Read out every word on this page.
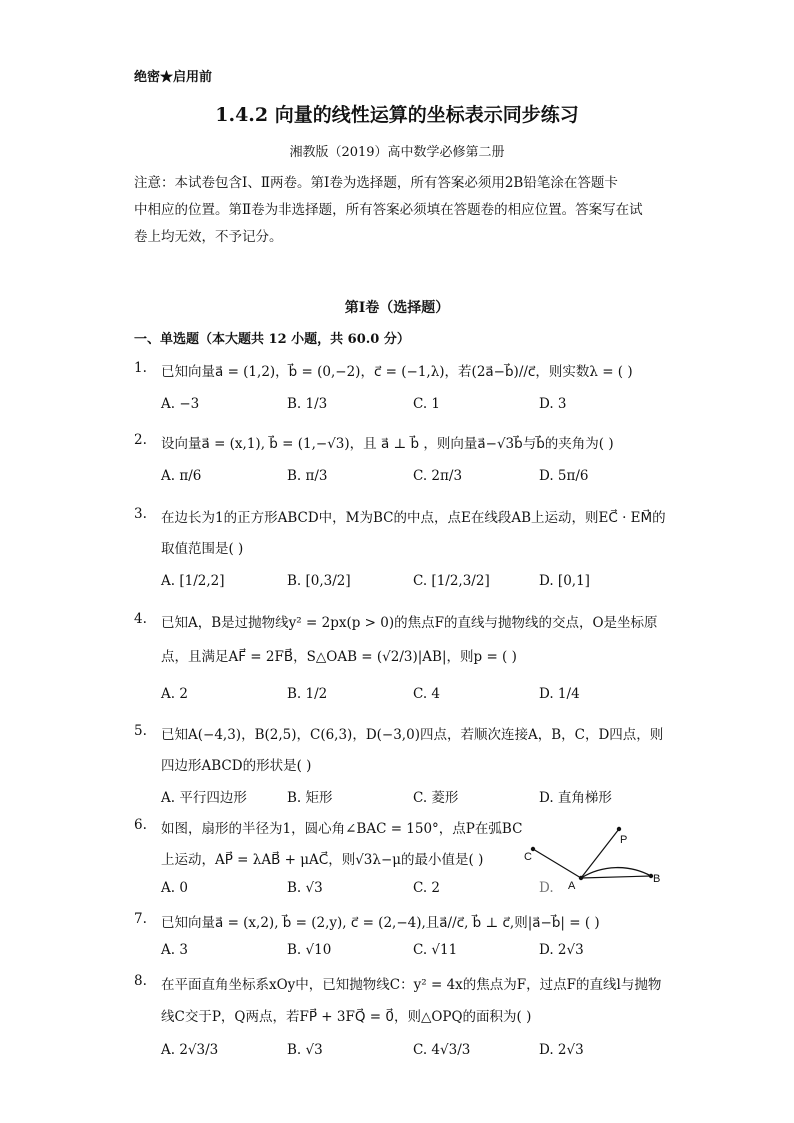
绝密★启用前
1.4.2 向量的线性运算的坐标表示同步练习
湘教版（2019）高中数学必修第二册
注意：本试卷包含Ⅰ、Ⅱ两卷。第Ⅰ卷为选择题，所有答案必须用2B铅笔涂在答题卡
中相应的位置。第Ⅱ卷为非选择题，所有答案必须填在答题卷的相应位置。答案写在试
卷上均无效，不予记分。
第Ⅰ卷（选择题）
一、单选题（本大题共 12 小题，共 60.0 分）
1. 已知向量a⃗ = (1,2)，b⃗ = (0,−2)，c⃗ = (−1,λ)，若(2a⃗−b⃗)//c⃗，则实数λ = ( )
A. −3	B. 1/3	C. 1	D. 3
2. 设向量a⃗ = (x,1), b⃗ = (1,−√3)，且 a⃗ ⊥ b⃗ ，则向量a⃗−√3b⃗与b⃗的夹角为( )
A. π/6	B. π/3	C. 2π/3	D. 5π/6
3. 在边长为1的正方形ABCD中，M为BC的中点，点E在线段AB上运动，则EC⃗ · EM⃗的
取值范围是( )
A. [1/2,2]	B. [0,3/2]	C. [1/2,3/2]	D. [0,1]
4. 已知A，B是过抛物线y² = 2px(p > 0)的焦点F的直线与抛物线的交点，O是坐标原
点，且满足AF⃗ = 2FB⃗，S△OAB = (√2/3)|AB|，则p = ( )
A. 2	B. 1/2	C. 4	D. 1/4
5. 已知A(−4,3)，B(2,5)，C(6,3)，D(−3,0)四点，若顺次连接A，B，C，D四点，则
四边形ABCD的形状是( )
A. 平行四边形	B. 矩形	C. 菱形	D. 直角梯形
6. 如图，扇形的半径为1，圆心角∠BAC = 150°，点P在弧BC
上运动，AP⃗ = λAB⃗ + μAC⃗，则√3λ−μ的最小值是( )
A. 0	B. √3	C. 2	D.
P
C
A
B
7. 已知向量a⃗ = (x,2), b⃗ = (2,y), c⃗ = (2,−4),且a⃗//c⃗, b⃗ ⊥ c⃗,则|a⃗−b⃗| = ( )
A. 3	B. √10	C. √11	D. 2√3
8. 在平面直角坐标系xOy中，已知抛物线C：y² = 4x的焦点为F，过点F的直线l与抛物
线C交于P，Q两点，若FP⃗ + 3FQ⃗ = 0⃗，则△OPQ的面积为( )
A. 2√3/3	B. √3	C. 4√3/3	D. 2√3
